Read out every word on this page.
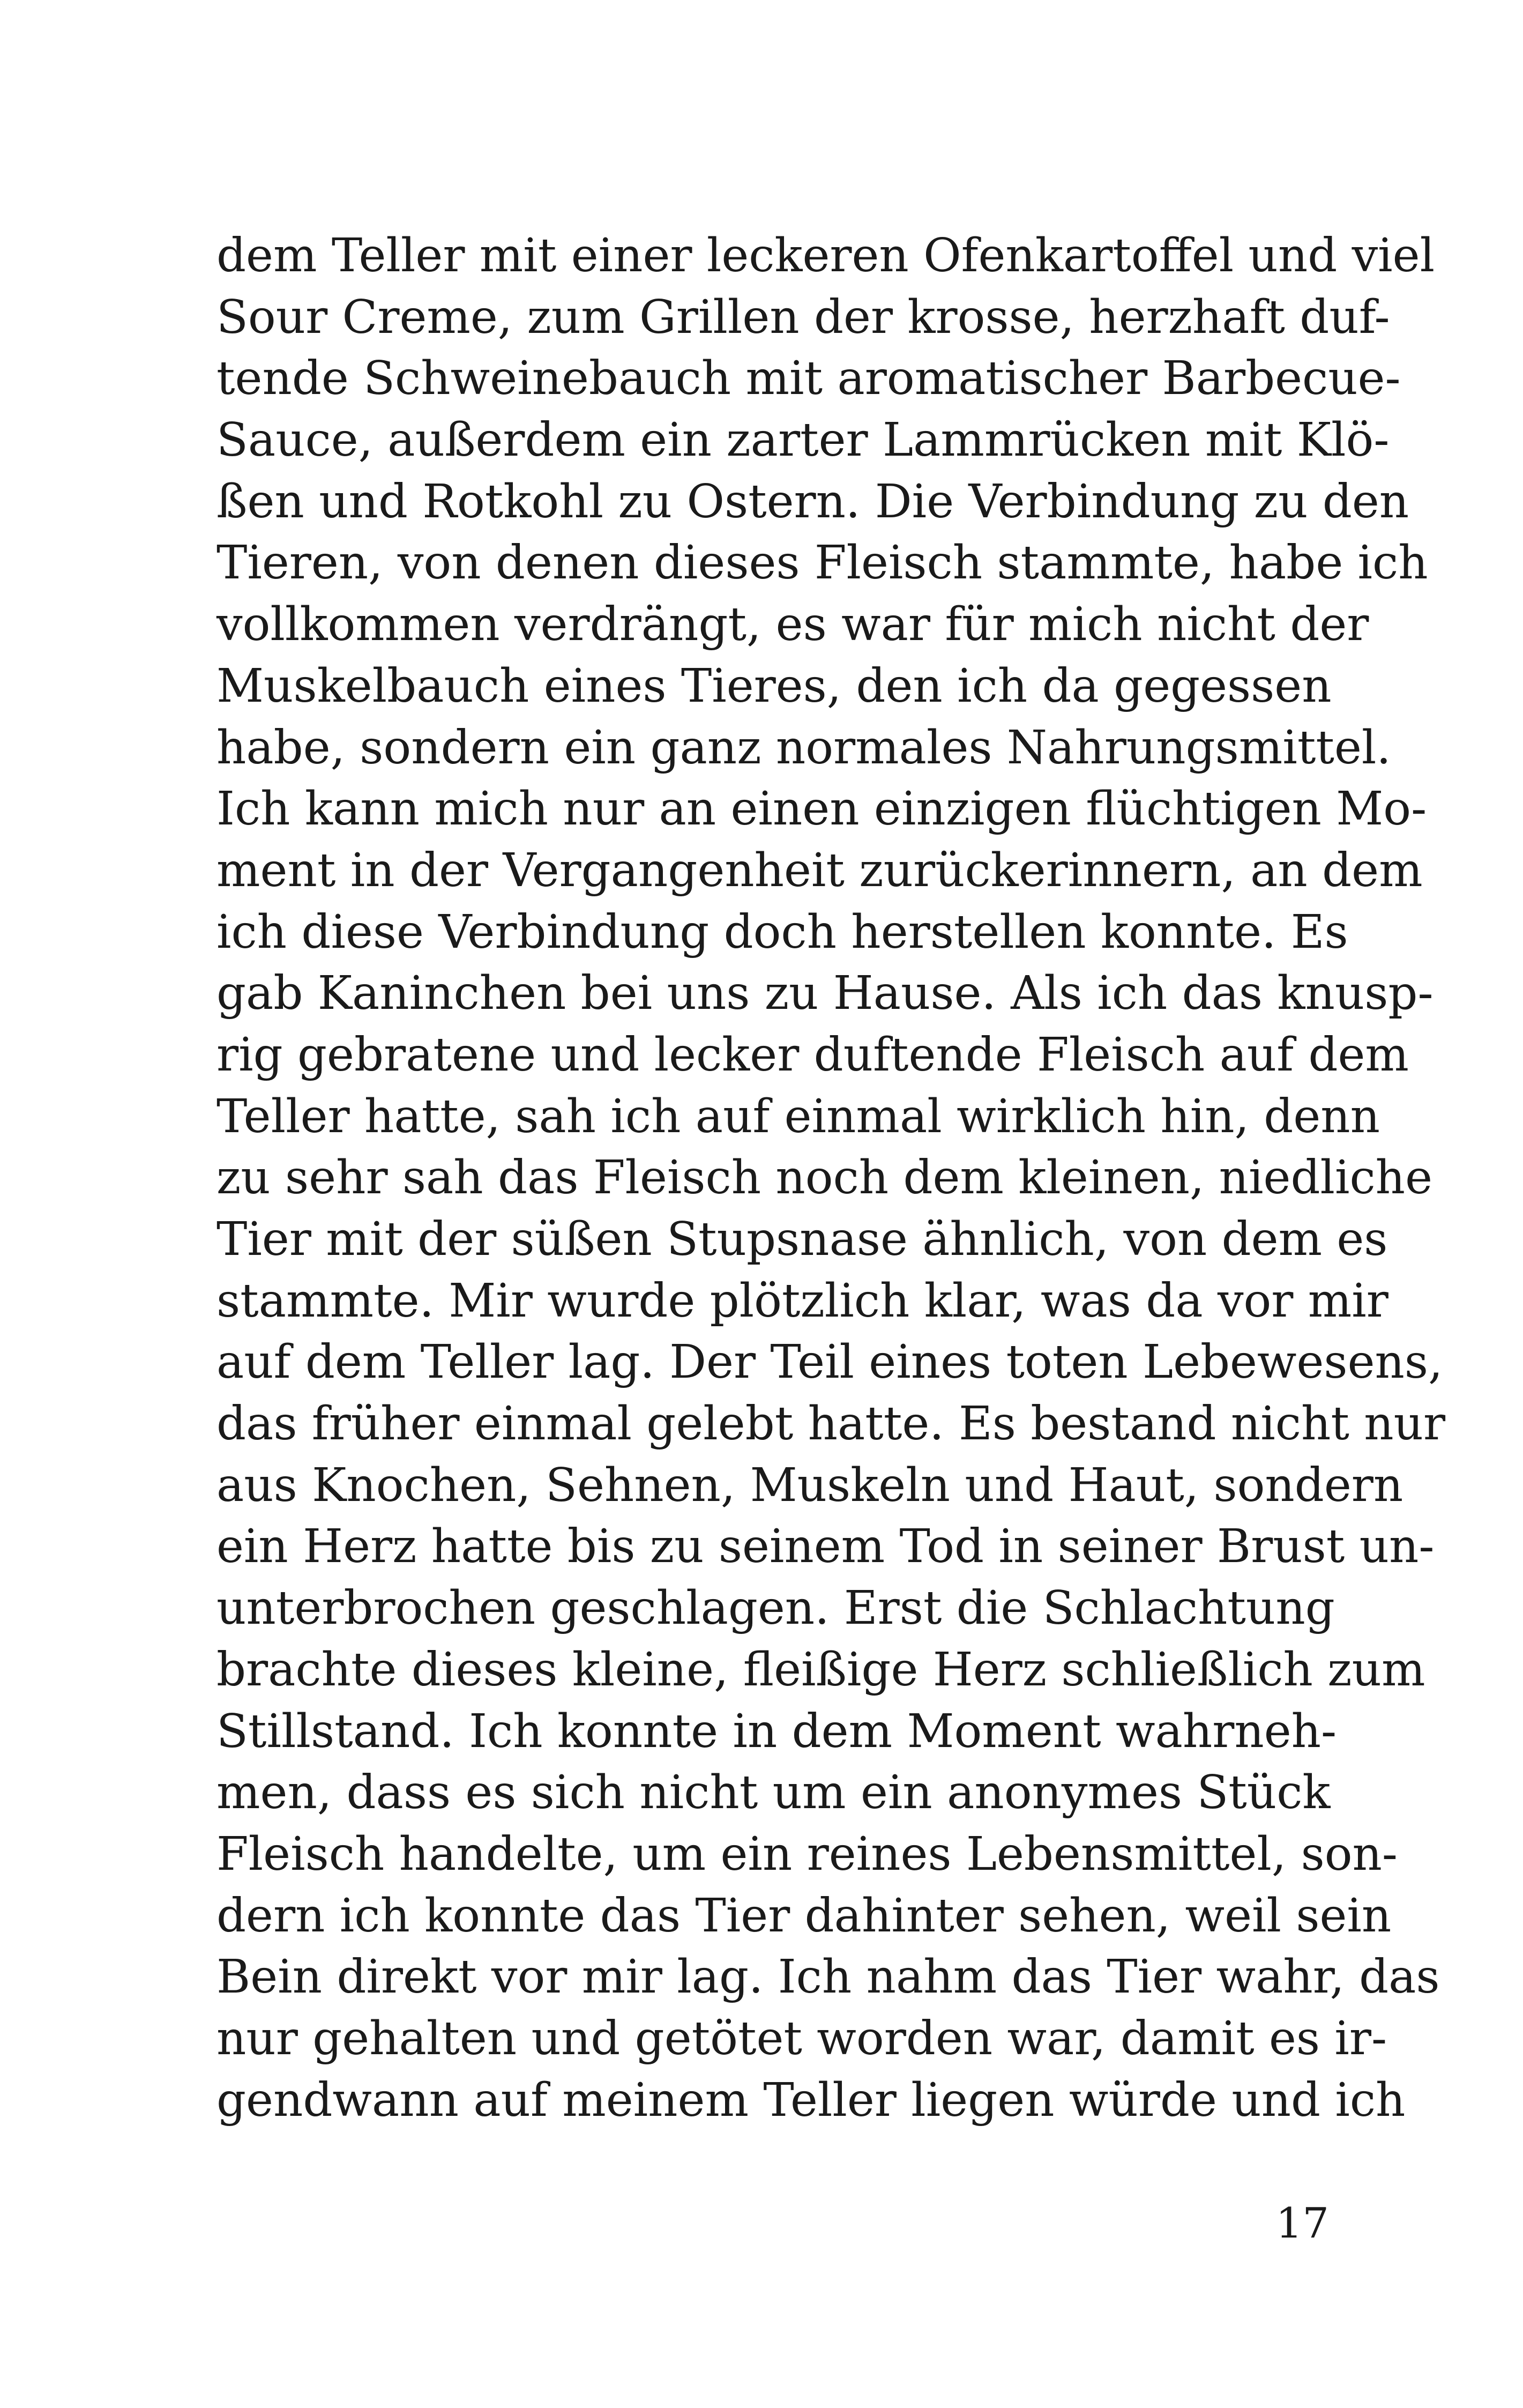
dem Teller mit einer leckeren Ofenkartoffel und viel
Sour Creme, zum Grillen der krosse, herzhaft duf-
tende Schweinebauch mit aromatischer Barbecue-
Sauce, außerdem ein zarter Lammrücken mit Klö-
ßen und Rotkohl zu Ostern. Die Verbindung zu den
Tieren, von denen dieses Fleisch stammte, habe ich
vollkommen verdrängt, es war für mich nicht der
Muskelbauch eines Tieres, den ich da gegessen
habe, sondern ein ganz normales Nahrungsmittel.
Ich kann mich nur an einen einzigen flüchtigen Mo-
ment in der Vergangenheit zurückerinnern, an dem
ich diese Verbindung doch herstellen konnte. Es
gab Kaninchen bei uns zu Hause. Als ich das knusp-
rig gebratene und lecker duftende Fleisch auf dem
Teller hatte, sah ich auf einmal wirklich hin, denn
zu sehr sah das Fleisch noch dem kleinen, niedliche
Tier mit der süßen Stupsnase ähnlich, von dem es
stammte. Mir wurde plötzlich klar, was da vor mir
auf dem Teller lag. Der Teil eines toten Lebewesens,
das früher einmal gelebt hatte. Es bestand nicht nur
aus Knochen, Sehnen, Muskeln und Haut, sondern
ein Herz hatte bis zu seinem Tod in seiner Brust un-
unterbrochen geschlagen. Erst die Schlachtung
brachte dieses kleine, fleißige Herz schließlich zum
Stillstand. Ich konnte in dem Moment wahrneh-
men, dass es sich nicht um ein anonymes Stück
Fleisch handelte, um ein reines Lebensmittel, son-
dern ich konnte das Tier dahinter sehen, weil sein
Bein direkt vor mir lag. Ich nahm das Tier wahr, das
nur gehalten und getötet worden war, damit es ir-
gendwann auf meinem Teller liegen würde und ich
17
